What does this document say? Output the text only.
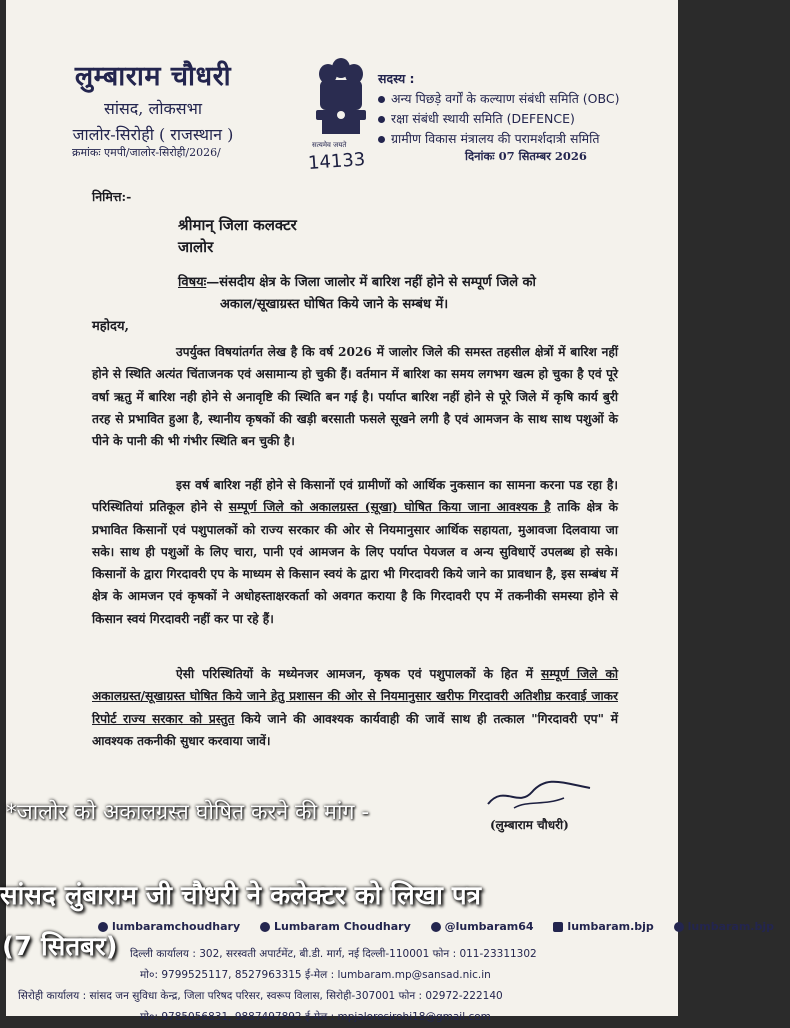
लुम्बाराम चौधरी

सांसद, लोकसभा

जालोर-सिरोही ( राजस्थान )

क्रमांकः एमपी/जालोर-सिरोही/2026/	14133
सत्यमेव जयते
सदस्य :
अन्य पिछड़े वर्गों के कल्याण संबंधी समिति (OBC)
रक्षा संबंधी स्थायी समिति (DEFENCE)
ग्रामीण विकास मंत्रालय की परामर्शदात्री समिति
दिनांकः 07 सितम्बर 2026
निमित्त:-
श्रीमान् जिला कलक्टर
जालोर
विषयः—संसदीय क्षेत्र के जिला जालोर में बारिश नहीं होने से सम्पूर्ण जिले को
अकाल/सूखाग्रस्त घोषित किये जाने के सम्बंध में।
महोदय,

उपर्युक्त विषयांतर्गत लेख है कि वर्ष 2026 में जालोर जिले की समस्त तहसील क्षेत्रों में बारिश नहीं होने से स्थिति अत्यंत चिंताजनक एवं असामान्य हो चुकी हैं। वर्तमान में बारिश का समय लगभग खत्म हो चुका है एवं पूरे वर्षा ऋतु में बारिश नही होने से अनावृष्टि की स्थिति बन गई है। पर्याप्त बारिश नहीं होने से पूरे जिले में कृषि कार्य बुरी तरह से प्रभावित हुआ है, स्थानीय कृषकों की खड़ी बरसाती फसले सूखने लगी है एवं आमजन के साथ साथ पशुओं के पीने के पानी की भी गंभीर स्थिति बन चुकी है।

इस वर्ष बारिश नहीं होने से किसानों एवं ग्रामीणों को आर्थिक नुकसान का सामना करना पड रहा है। परिस्थितियां प्रतिकूल होने से सम्पूर्ण जिले को अकालग्रस्त (सूखा) घोषित किया जाना आवश्यक है ताकि क्षेत्र के प्रभावित किसानों एवं पशुपालकों को राज्य सरकार की ओर से नियमानुसार आर्थिक सहायता, मुआवजा दिलवाया जा सके। साथ ही पशुओं के लिए चारा, पानी एवं आमजन के लिए पर्याप्त पेयजल व अन्य सुविधाऐं उपलब्ध हो सके। किसानों के द्वारा गिरदावरी एप के माध्यम से किसान स्वयं के द्वारा भी गिरदावरी किये जाने का प्रावधान है, इस सम्बंध में क्षेत्र के आमजन एवं कृषकों ने अधोहस्ताक्षरकर्ता को अवगत कराया है कि गिरदावरी एप में तकनीकी समस्या होने से किसान स्वयं गिरदावरी नहीं कर पा रहे हैं।

ऐसी परिस्थितियों के मध्येनजर आमजन, कृषक एवं पशुपालकों के हित में सम्पूर्ण जिले को अकालग्रस्त/सूखाग्रस्त घोषित किये जाने हेतु प्रशासन की ओर से नियमानुसार खरीफ गिरदावरी अतिशीघ्र करवाई जाकर रिपोर्ट राज्य सरकार को प्रस्तुत किये जाने की आवश्यक कार्यवाही की जावें साथ ही तत्काल "गिरदावरी एप" में आवश्यक तकनीकी सुधार करवाया जावें।

(लुम्बाराम चौधरी)
lumbaramchoudhary	Lumbaram Choudhary	@lumbaram64	lumbaram.bjp	lumbaram.bjp
दिल्ली कार्यालय : 302, सरस्वती अपार्टमेंट, बी.डी. मार्ग, नई दिल्ली-110001 फोन : 011-23311302
मो०: 9799525117, 8527963315 ई-मेल : lumbaram.mp@sansad.nic.in
सिरोही कार्यालय : सांसद जन सुविधा केन्द्र, जिला परिषद परिसर, स्वरूप विलास, सिरोही-307001 फोन : 02972-222140
मो०: 9785056831, 9887497892 ई-मेल : mpjaloresirohi18@gmail.com
*जालोर को अकालग्रस्त घोषित करने की मांग -
सांसद लुंबाराम जी चौधरी ने कलेक्टर को लिखा पत्र
(7 सितबर)
